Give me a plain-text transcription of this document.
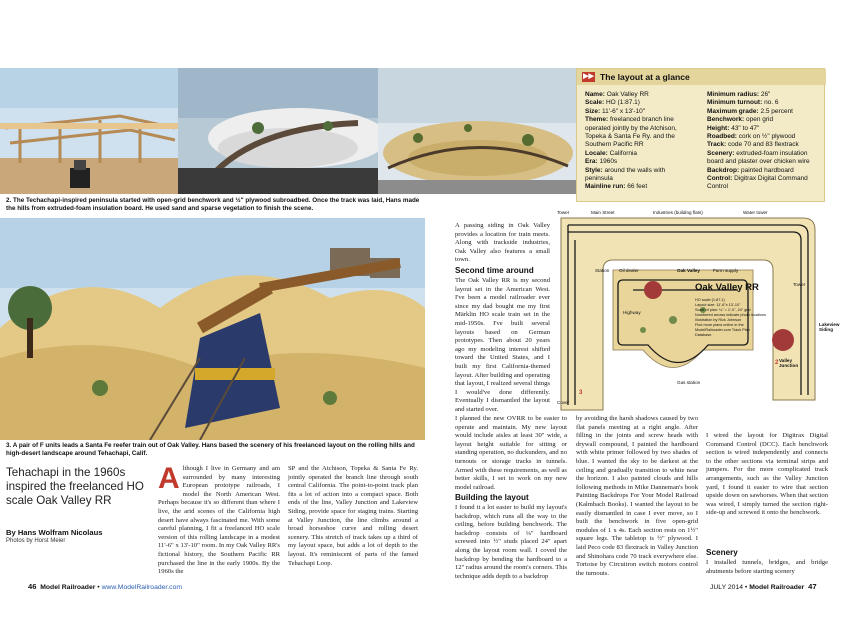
▶▶ The layout at a glance
Name: Oak Valley RR
Scale: HO (1:87.1)
Size: 11'-6" x 13'-10"
Theme: freelanced branch line
operated jointly by the Atchison,
Topeka & Santa Fe Ry. and the
Southern Pacific RR
Locale: California
Era: 1960s
Style: around the walls with
peninsula
Mainline run: 66 feet
Minimum radius: 26"
Minimum turnout: no. 6
Maximum grade: 2.5 percent
Benchwork: open grid
Height: 43" to 47"
Roadbed: cork on ½" plywood
Track: code 70 and 83 flextrack
Scenery: extruded-foam insulation
board and plaster over chicken wire
Backdrop: painted hardboard
Control: Digitrax Digital Command
Control
2. The Techachapi-inspired peninsula started with open-grid benchwork and ½" plywood subroadbed. Once the track was laid, Hans made the hills from extruded-foam insulation board. He used sand and sparse vegetation to finish the scene.
3. A pair of F units leads a Santa Fe reefer train out of Oak Valley. Hans based the scenery of his freelanced layout on the rolling hills and high-desert landscape around Tehachapi, Calif.
Tehachapi in the 1960s inspired the freelanced HO scale Oak Valley RR
By Hans Wolfram Nicolaus
Photos by Horst Meier
Although I live in Germany and am surrounded by many interesting European prototype railroads, I model the North American West. Perhaps because it's so different than where I live, the arid scenes of the California high desert have always fascinated me. With some careful planning, I fit a freelanced HO scale version of this rolling landscape in a modest 11'-6" x 13'-10" room. In my Oak Valley RR's fictional history, the Southern Pacific RR purchased the line in the early 1900s. By the 1960s the
SP and the Atchison, Topeka & Santa Fe Ry. jointly operated the branch line through south central California. The point-to-point track plan fits a lot of action into a compact space. Both ends of the line, Valley Junction and Lakeview Siding, provide space for staging trains. Starting at Valley Junction, the line climbs around a broad horseshoe curve and rolling desert scenery. This stretch of track takes up a third of my layout space, but adds a lot of depth to the layout. It's reminiscent of parts of the famed Tehachapi Loop.
A passing siding in Oak Valley provides a location for train meets. Along with trackside industries, Oak Valley also features a small town.
Second time around
The Oak Valley RR is my second layout set in the American West. I've been a model railroader ever since my dad bought me my first Märklin HO scale train set in the mid-1950s. I've built several layouts based on German prototypes. Then about 20 years ago my modeling interest shifted toward the United States, and I built my first California-themed layout. After building and operating that layout, I realized several things I would've done differently. Eventually I dismantled the layout and started over.
Tower	Main Street	Industries (building flats)	Water tower
Station Oil dealer	Oak Valley	Farm supply
Oak Valley RR
HO scale (1:87.1)
Layout size: 11'-6"x 13'-10"
Scale of plan: ¼" = 1'-0", 24" grid
Numbered arrows indicate photo locations
Illustration by Rick Johnson
Find more plans online in the
ModelRailroader.com Track Plan Database.
Highway
Gas station
Cover
Valley Junction
Lakeview Siding
Tower
3
2
I planned the new OVRR to be easier to operate and maintain. My new layout would include aisles at least 30" wide, a layout height suitable for sitting or standing operation, no duckunders, and no turnouts or storage tracks in tunnels. Armed with these requirements, as well as better skills, I set to work on my new model railroad.
Building the layout
I found it a lot easier to build my layout's backdrop, which runs all the way to the ceiling, before building benchwork. The backdrop consists of ¼" hardboard screwed into ½" studs placed 24" apart along the layout room wall. I coved the backdrop by bending the hardboard to a 12" radius around the room's corners. This technique adds depth to a backdrop
by avoiding the harsh shadows caused by two flat panels meeting at a right angle. After filling in the joints and screw heads with drywall compound, I painted the hardboard with white primer followed by two shades of blue. I wanted the sky to be darkest at the ceiling and gradually transition to white near the horizon. I also painted clouds and hills following methods in Mike Danneman's book Painting Backdrops For Your Model Railroad (Kalmbach Books). I wanted the layout to be easily dismantled in case I ever move, so I built the benchwork in five open-grid modules of 1 x 4s. Each section rests on 1½" square legs. The tabletop is ½" plywood. I laid Peco code 83 flextrack in Valley Junction and Shinohara code 70 track everywhere else. Tortoise by Circuitron switch motors control the turnouts.
I wired the layout for Digitrax Digital Command Control (DCC). Each benchwork section is wired independently and connects to the other sections via terminal strips and jumpers. For the more complicated track arrangements, such as the Valley Junction yard, I found it easier to wire that section upside down on sawhorses. When that section was wired, I simply turned the section right-side-up and screwed it onto the benchwork.
Scenery
I installed tunnels, bridges, and bridge abutments before starting scenery
46 Model Railroader • www.ModelRailroader.com	JULY 2014 • Model Railroader 47
